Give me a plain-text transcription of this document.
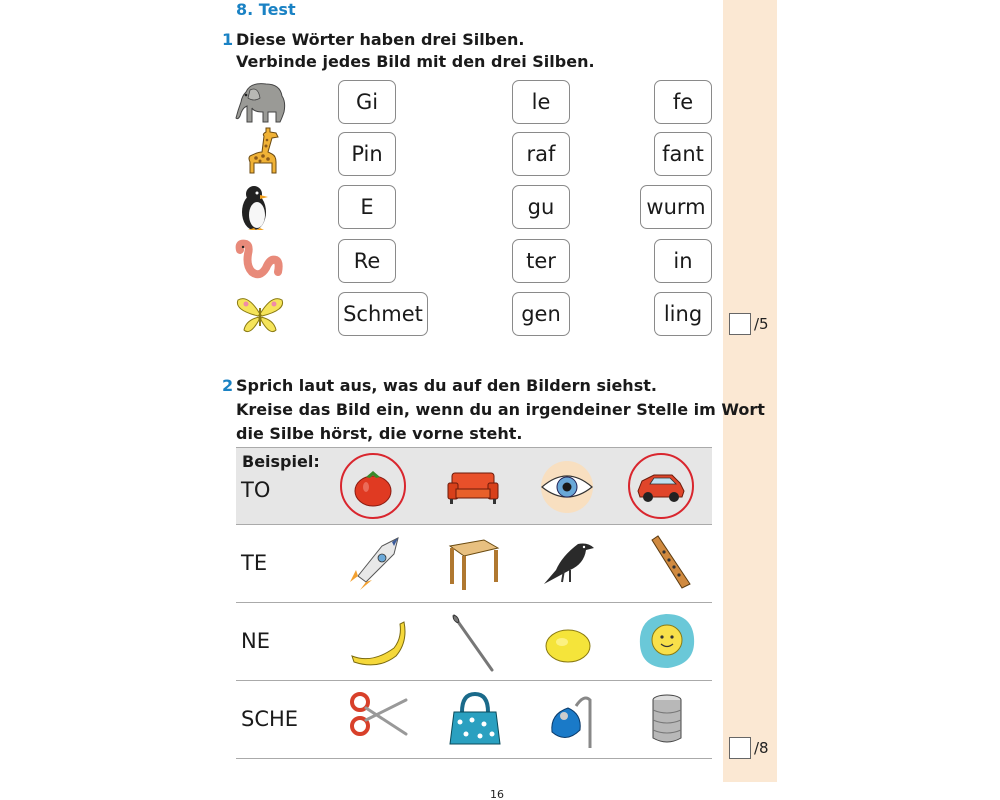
8. Test
1 Diese Wörter haben drei Silben.
Verbinde jedes Bild mit den drei Silben.
Gi
Pin
E
Re
Schmet
le
raf
gu
ter
gen
fe
fant
wurm
in
ling	/5
2 Sprich laut aus, was du auf den Bildern siehst.
Kreise das Bild ein, wenn du an irgendeiner Stelle im Wort
die Silbe hörst, die vorne steht.
Beispiel:
TO
TE
NE
SCHE
/8
16
